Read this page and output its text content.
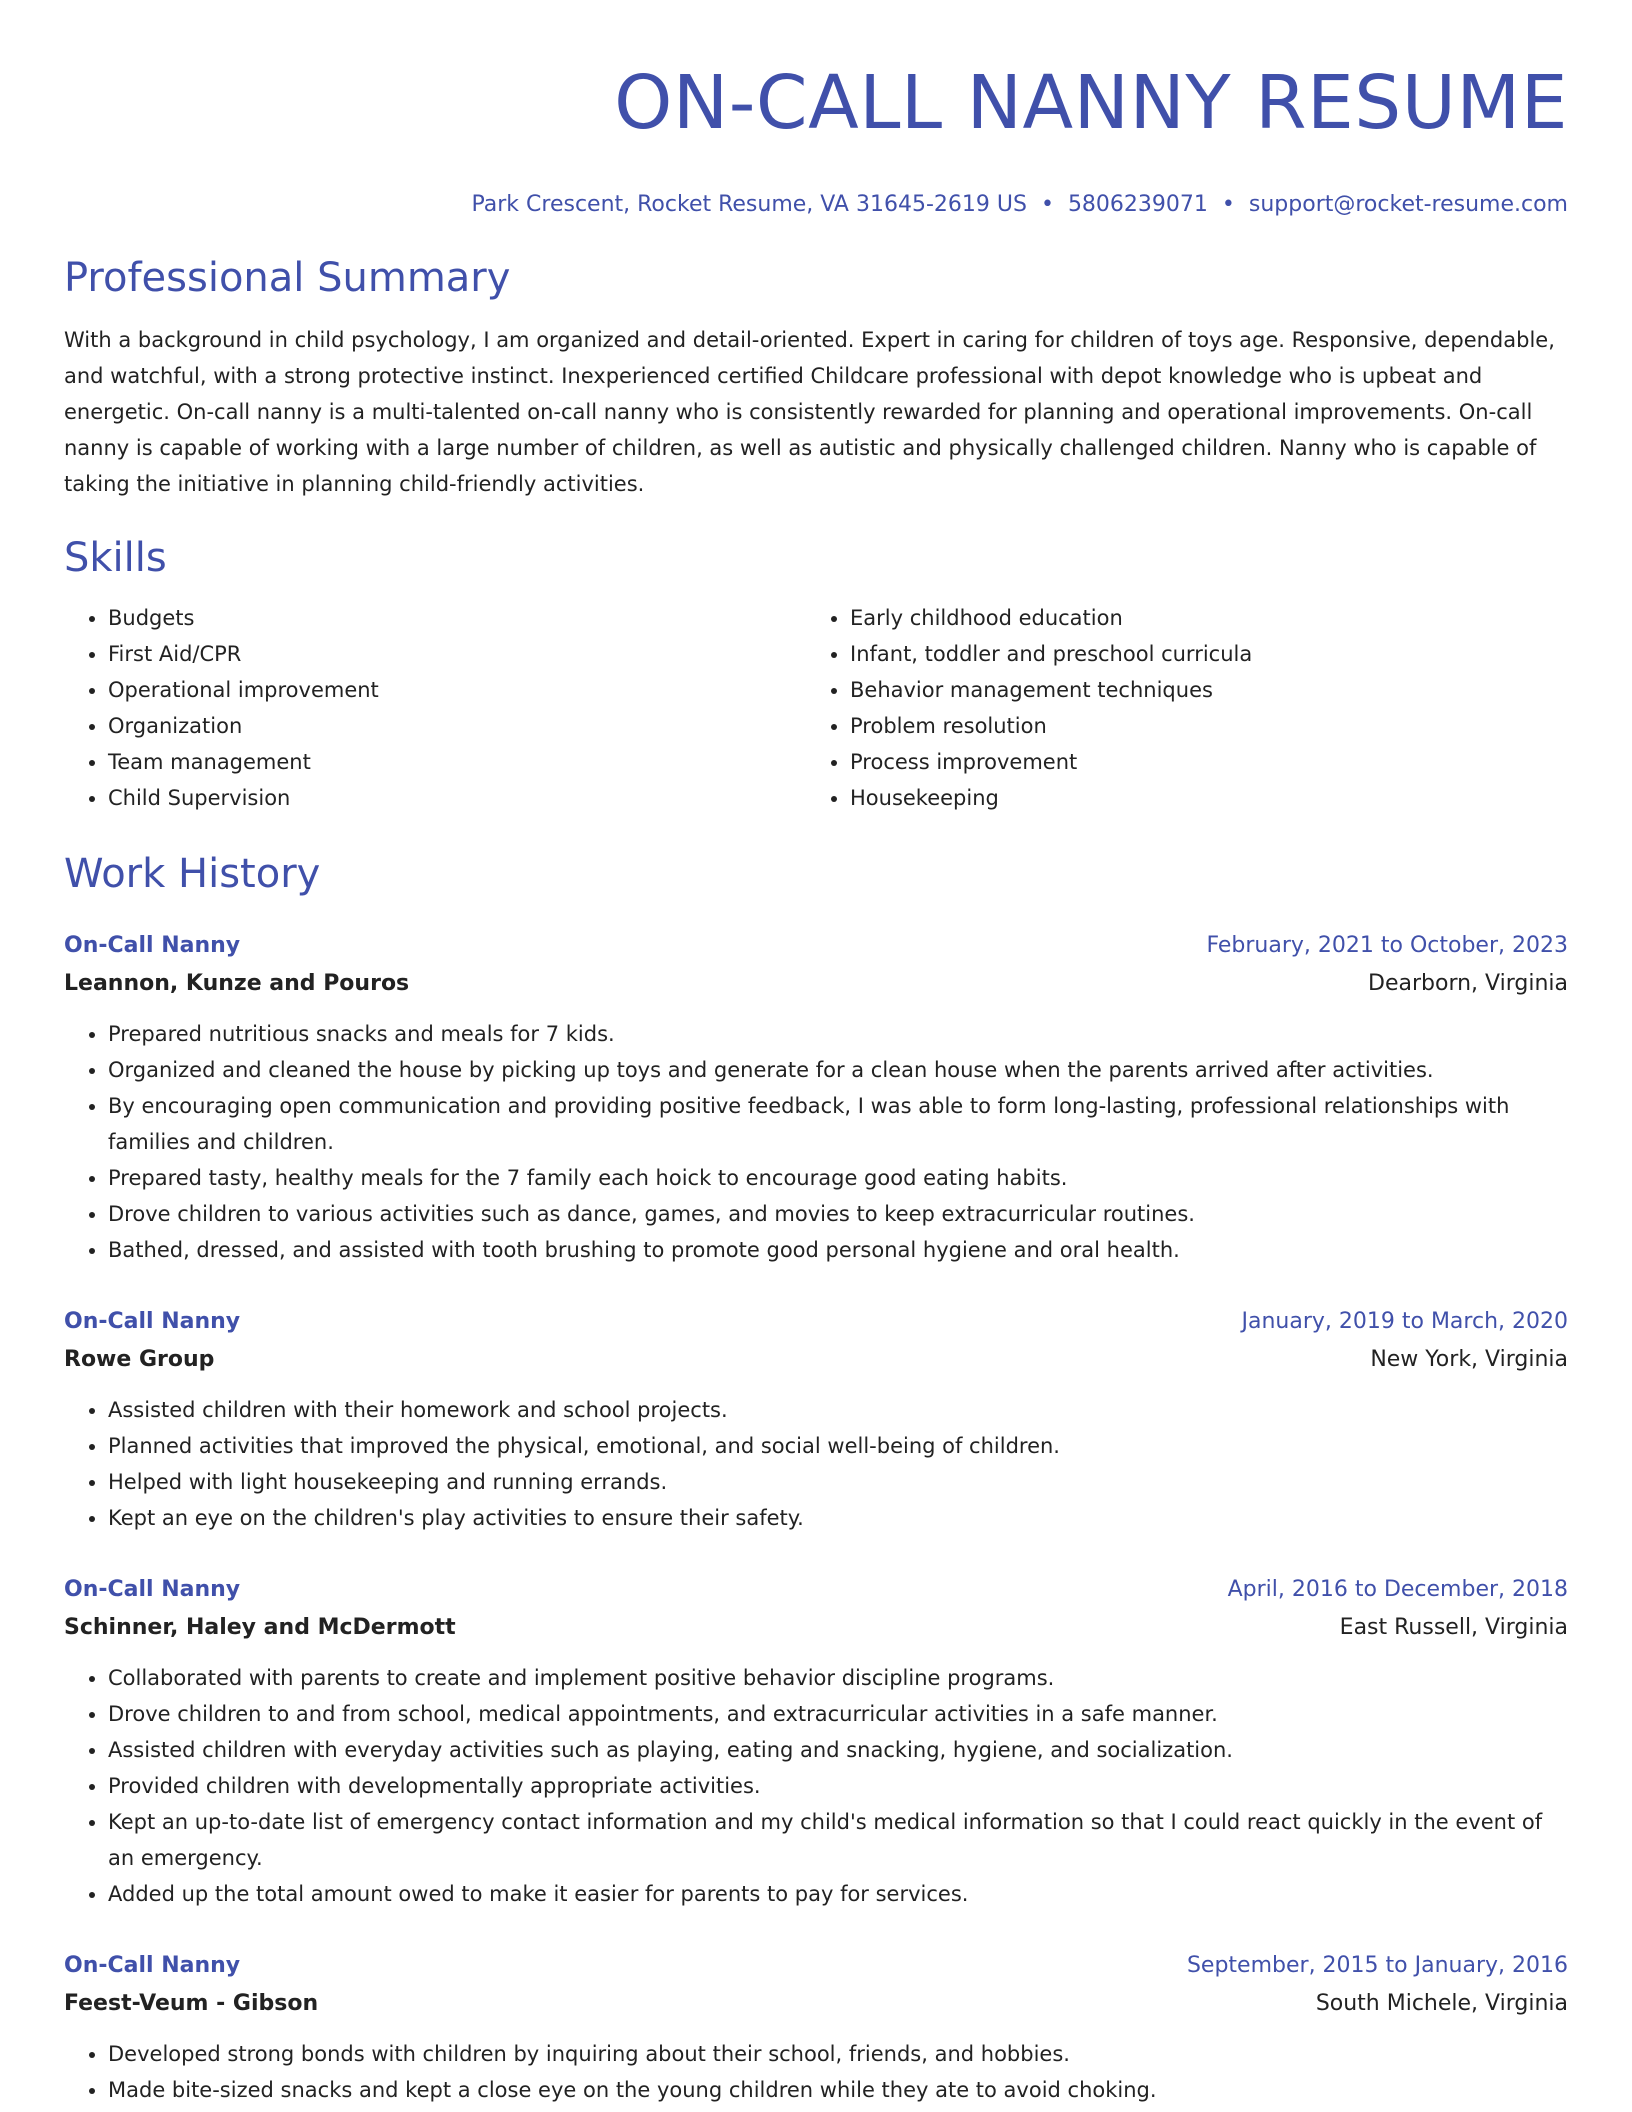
ON-CALL NANNY RESUME
Park Crescent, Rocket Resume, VA 31645-2619 US • 5806239071 • support@rocket-resume.com
Professional Summary

With a background in child psychology, I am organized and detail-oriented. Expert in caring for children of toys age. Responsive, dependable, and watchful, with a strong protective instinct. Inexperienced certified Childcare professional with depot knowledge who is upbeat and energetic. On-call nanny is a multi-talented on-call nanny who is consistently rewarded for planning and operational improvements. On-call nanny is capable of working with a large number of children, as well as autistic and physically challenged children. Nanny who is capable of taking the initiative in planning child-friendly activities.

Skills
• Budgets
• First Aid/CPR
• Operational improvement
• Organization
• Team management
• Child Supervision
• Early childhood education
• Infant, toddler and preschool curricula
• Behavior management techniques
• Problem resolution
• Process improvement
• Housekeeping
Work History
On-Call Nanny	February, 2021 to October, 2023
Leannon, Kunze and Pouros	Dearborn, Virginia
• Prepared nutritious snacks and meals for 7 kids.
• Organized and cleaned the house by picking up toys and generate for a clean house when the parents arrived after activities.
• By encouraging open communication and providing positive feedback, I was able to form long-lasting, professional relationships with families and children.
• Prepared tasty, healthy meals for the 7 family each hoick to encourage good eating habits.
• Drove children to various activities such as dance, games, and movies to keep extracurricular routines.
• Bathed, dressed, and assisted with tooth brushing to promote good personal hygiene and oral health.
On-Call Nanny	January, 2019 to March, 2020
Rowe Group	New York, Virginia
• Assisted children with their homework and school projects.
• Planned activities that improved the physical, emotional, and social well-being of children.
• Helped with light housekeeping and running errands.
• Kept an eye on the children's play activities to ensure their safety.
On-Call Nanny	April, 2016 to December, 2018
Schinner, Haley and McDermott	East Russell, Virginia
• Collaborated with parents to create and implement positive behavior discipline programs.
• Drove children to and from school, medical appointments, and extracurricular activities in a safe manner.
• Assisted children with everyday activities such as playing, eating and snacking, hygiene, and socialization.
• Provided children with developmentally appropriate activities.
• Kept an up-to-date list of emergency contact information and my child's medical information so that I could react quickly in the event of an emergency.
• Added up the total amount owed to make it easier for parents to pay for services.
On-Call Nanny	September, 2015 to January, 2016
Feest-Veum - Gibson	South Michele, Virginia
• Developed strong bonds with children by inquiring about their school, friends, and hobbies.
• Made bite-sized snacks and kept a close eye on the young children while they ate to avoid choking.
